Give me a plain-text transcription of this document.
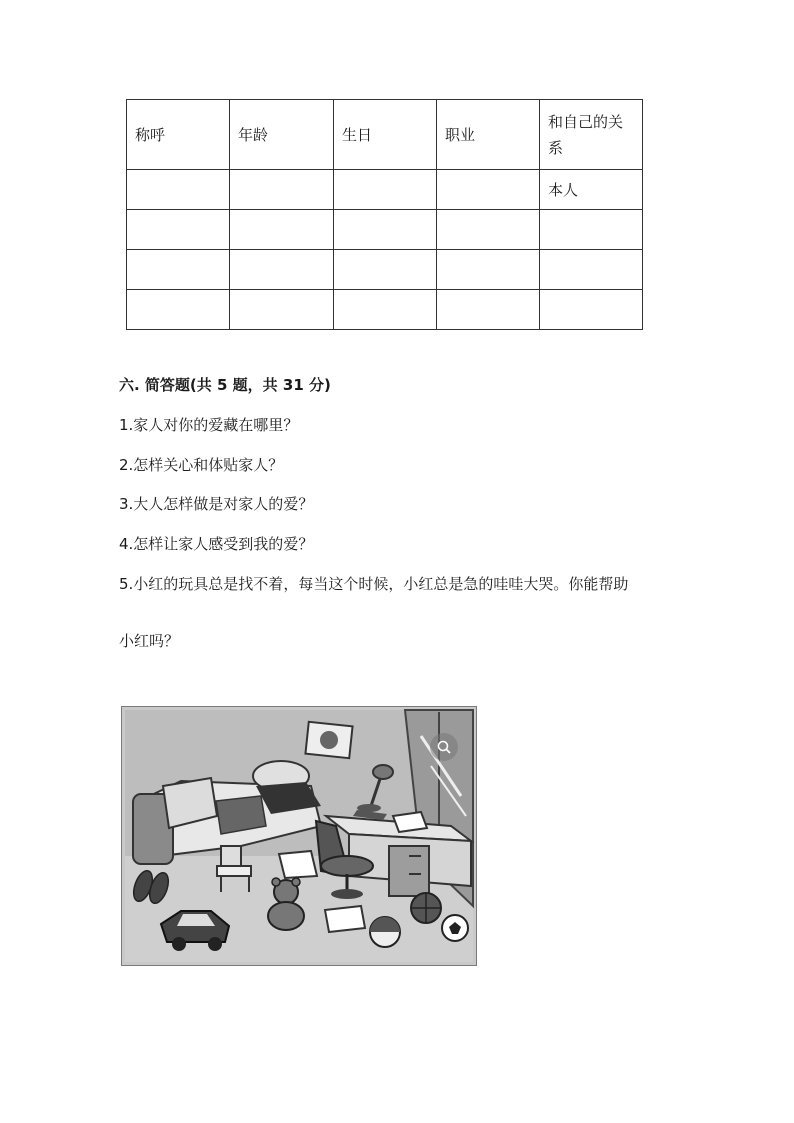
称呼	年龄	生日	职业	和自己的关系
				本人

六. 简答题(共 5 题，共 31 分)
1.家人对你的爱藏在哪里？
2.怎样关心和体贴家人？
3.大人怎样做是对家人的爱？
4.怎样让家人感受到我的爱？
5.小红的玩具总是找不着，每当这个时候，小红总是急的哇哇大哭。你能帮助
小红吗？
